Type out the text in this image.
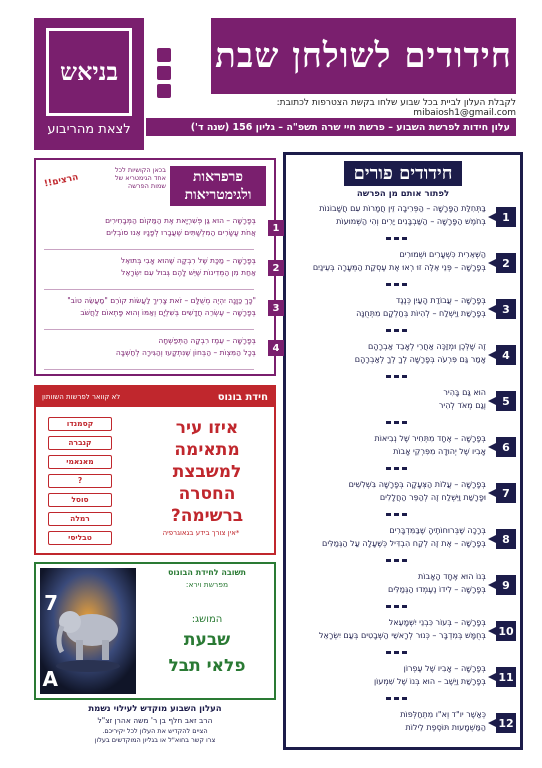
בניאש
לצאת מהריבוע
חידודים לשולחן שבת
לקבלת העלון לביית בכל שבוע שלחו בקשת הצטרפות לכתובת: mibaiosh1@gmail.com
עלון חידות לפרשת השבוע – פרשת חיי שרה תשפ"ה – גליון 156 (שנה ד')
חידודים פורים
לפתור אותם מן הפרשה
1
בַּתְּחִלַּת הַפָּרָשָׁה – הַפְּרִיבָה זֵין חֲמָרוֹת עִם חֲשָׁבוֹנוֹת
בְּחֹמֶשׁ הַפָּרָשָׁה – הַשַּׁבְבָּנִים יַרִים וְהִי הַשְּׁמוּעוֹת
2
הַשְּׁאֵרִית כִּשְׁעָרִים וּשְׁמוּרִים
בְּפָרָשָׁה – פְּנֵי אֵלֶּה זוּ רְאוּ אֶת עֶסְקַת הַמְּעָרָה בְּעֵינַיִם
3
בְּפָרָשָׁה – עֲבוֹדַת הָעַיִן כְּנֶגֶד
בְּפָרָשַׁת וַיִּשְׁלַח – לְהִיוֹת בְּחַלְקָם מִתְּחֻנָּה
4
זֶה שֶׁלְּכֶן וּמְזַכֶּה אַחֲרֵי לְאָבֵד אַבְרָהָם
אָמַר גַּם פִּרְעֹה בְּפָרָשָׁה לְךָ לְךָ לְאַבְרָהָם
5
הוּא גַּם בָּהִיר
וְגַם מְאֹד לְהִיר
6
בְּפָרָשָׁה – אֶחָד מִתְּחִיר שֶׁל נְבִיאוֹת
אָבִיו שֶׁל יְהוּדָה מִפִּרְקֵי אָבוֹת
7
בְּפָרָשָׁה – עֲלוֹת הַצְּעָקָה בְּפָרָשָׁה בִּשְׁלִשִׁים
וּפָרָשַׁת וַיִּשְׁלַח זֶה לְהַפֵּר הַחֲלָלִים
8
בְּרָכָה שֶׁבְּרוּחוֹתֶיהָ שֶׁבַּמִּדְבָּרִים
בְּפָרָשָׁה – אֶת זֶה לְקַח הִבְדִּיל כְּשֶׁעָלָה עַל הַגְּמַלִּים
9
בְּנוֹ הוּא אֶחָד הָאָבוֹת
בְּפָרָשָׁה – לִידוֹ נֶעֶמְדוּ הַגְּמַלִּים
10
בְּפָרָשָׁה – בְּעוֹר כִּבְנֵי יִשְׁמָעֵאל
בְּחֻמָּשׁ בְּמִדְבָּר – כְּנוּר לְרָאשֵׁי הַשְּׁבָטִים בְּעַם יִשְׂרָאֵל
11
בְּפָרָשָׁה – אָבִיו שֶׁל עֶפְרוֹן
בְּפָרָשַׁת וַיֵּשֶׁב – הוּא בְּנוֹ שֶׁל שִׁמְעוֹן
12
כְּאַשֶׁר יו"ד וְא"ו מִתְחַלְּפוֹת
הַמַּשְׁמָעוּת תּוֹסֶפֶת לֵילוֹת
פרפראות ולגימטריאות
בכאן הקושיות לכל אחד הגימטריא של שמות הפרשה
הרצים!!
1
בְּפָרָשָׁה – הוּא גַּן פְּשִׁרְיָאת אֶת הַמַּקוֹם הַמְּבָחִירִים
אֲחֹת עָשָׂרִים הַמִּלְשָׁתִּים שֶׁעֲבָרוּ לְפָנָיו אֵנוּ סוֹבְלִים
2
בְּפָרָשָׁה – מַכָּת שֶׁל רִבְקָה שֶׁהוּא אָבִי בְּתוּאֵל
אַחַת מִן הַמְּדִינוֹת שֶׁיֵּשׁ לָהֶם גְּבוּל עִם יִשְׂרָאֵל
3
"כָּךְ כַּוָּנָה יִהְיֶה מְשֻׁלָּם – זֹאת צָרִיךְ לַעֲשׂוֹת קוֹרֵם "מַעֲשֵׂה טוֹב"
בְּפָרָשָׁה – עֶשְׂרֵה חֲדָשִׁים בְּשִׁלְיָם וְאַמּוֹ וְהוּא פָּתְאוֹם לַחֲשֹׁב
4
בְּפָרָשָׁה – עֵמֶז רִבְקָה הַתְּפַשְׁחָה
בְּכָל הַמִּצְוֹת – הַבְּחוֹן שֶׁנִּתְקָעוּ וְהַגִּירָה לְחַשְׁבָּה
חידת בונוס
לא קוואר לפרשות השוותון
איזו עיר מתאימה למשבצת החסרה ברשימה?
*אין צורך בידע בגאוגרפיה
קסמנדו
קנברה
מאנאמי
?
סוסל
רמלה
טבליסי
7
A
תשובה לחידת הבונוס
מפרשת וירא:
המושג:
שבעת
פלאי תבל
העלון השבוע מוקדש לעילוי נשמת
הרב זאב חלף בן ר' משה אהרן זצ"ל
הציים להקדיש את העלון לכל יקיריכם.
צרו קשר בחוא"ל או בגליון המוקדשים בעלון
